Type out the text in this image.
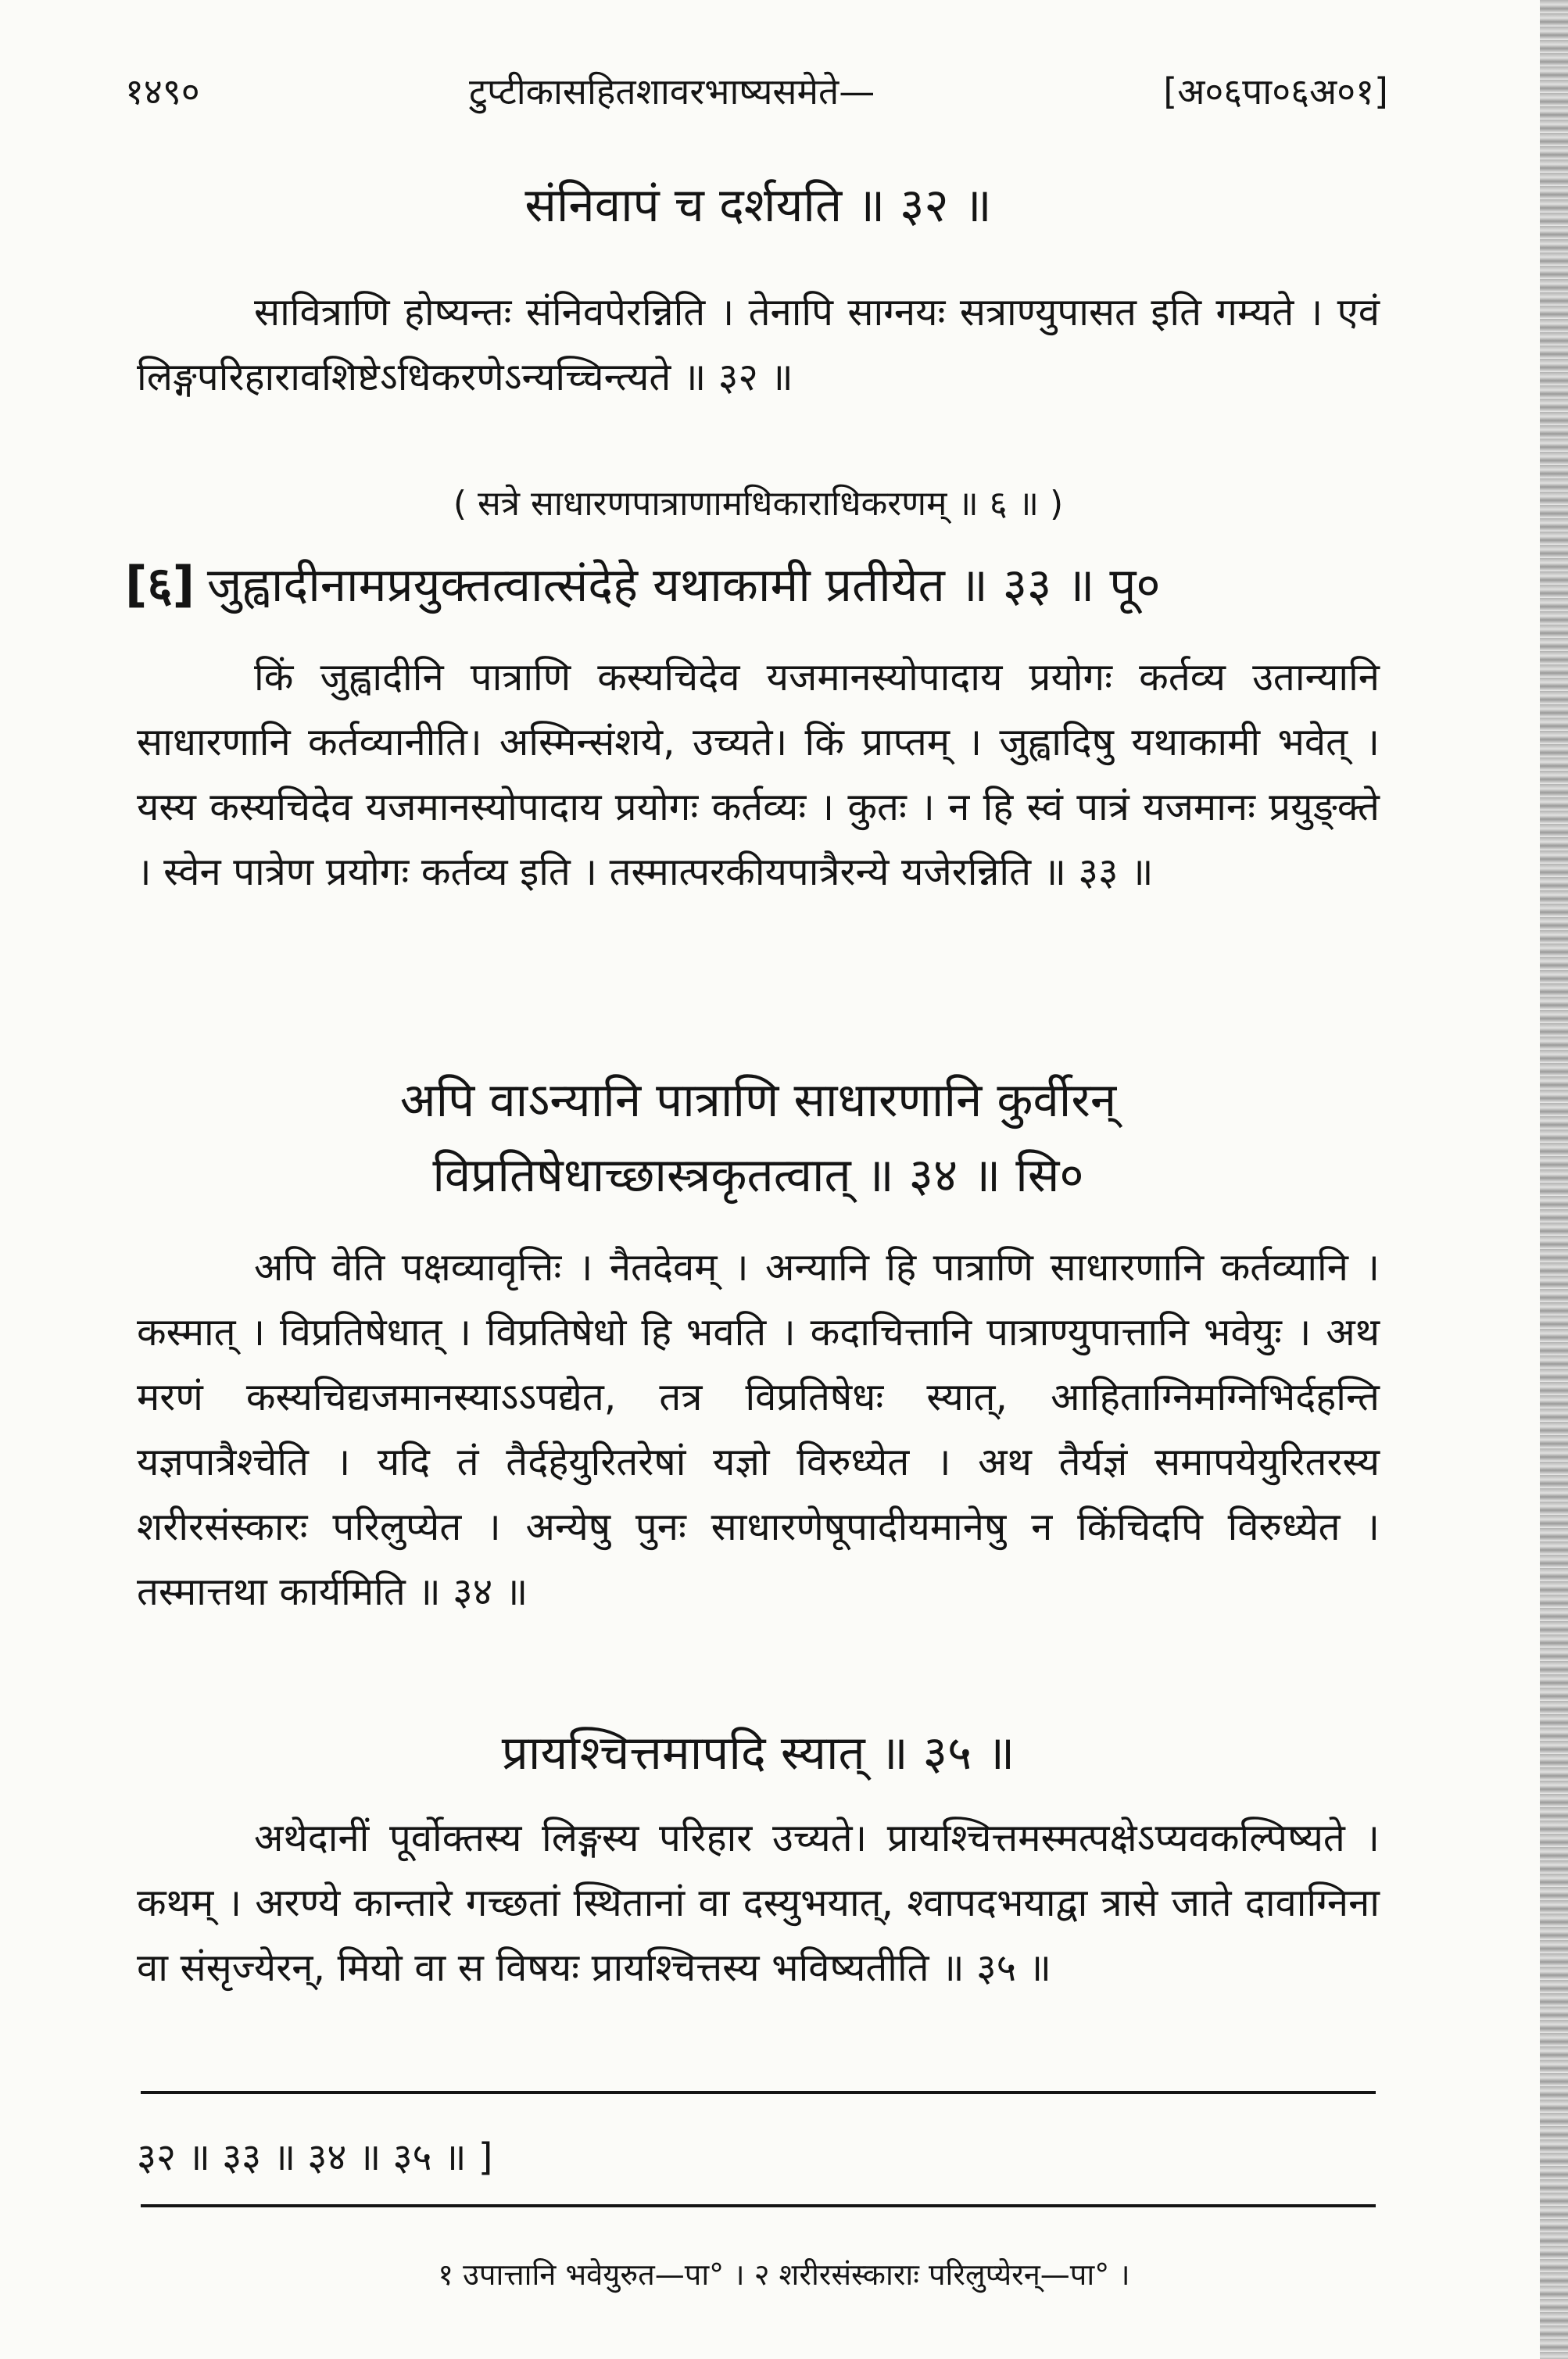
१४९०	टुप्टीकासहितशावरभाष्यसमेते—	[अ०६पा०६अ०१]
संनिवापं च दर्शयति ॥ ३२ ॥
सावित्राणि होष्यन्तः संनिवपेरन्निति । तेनापि साग्नयः सत्राण्युपासत इति गम्यते । एवं लिङ्गपरिहारावशिष्टेऽधिकरणेऽन्यच्चिन्त्यते ॥ ३२ ॥
( सत्रे साधारणपात्राणामधिकाराधिकरणम् ॥ ६ ॥ )
[६] जुह्वादीनामप्रयुक्तत्वात्संदेहे यथाकामी प्रतीयेत ॥ ३३ ॥ पू०
किं जुह्वादीनि पात्राणि कस्यचिदेव यजमानस्योपादाय प्रयोगः कर्तव्य उतान्यानि साधारणानि कर्तव्यानीति। अस्मिन्संशये, उच्यते। किं प्राप्तम् । जुह्वादिषु यथाकामी भवेत् । यस्य कस्यचिदेव यजमानस्योपादाय प्रयोगः कर्तव्यः । कुतः । न हि स्वं पात्रं यजमानः प्रयुङ्क्ते । स्वेन पात्रेण प्रयोगः कर्तव्य इति । तस्मात्परकीयपात्रैरन्ये यजेरन्निति ॥ ३३ ॥
अपि वाऽन्यानि पात्राणि साधारणानि कुर्वीरन्
विप्रतिषेधाच्छास्त्रकृतत्वात् ॥ ३४ ॥ सि०
अपि वेति पक्षव्यावृत्तिः । नैतदेवम् । अन्यानि हि पात्राणि साधारणानि कर्तव्यानि । कस्मात् । विप्रतिषेधात् । विप्रतिषेधो हि भवति । कदाचित्तानि पात्राण्युपात्तानि भवेयुः । अथ मरणं कस्यचिद्यजमानस्याऽऽपद्येत, तत्र विप्रतिषेधः स्यात्, आहिताग्निमग्निभिर्दहन्ति यज्ञपात्रैश्चेति । यदि तं तैर्दहेयुरितरेषां यज्ञो विरुध्येत । अथ तैर्यज्ञं समापयेयुरितरस्य शरीरसंस्कारः परिलुप्येत । अन्येषु पुनः साधारणेषूपादीयमानेषु न किंचिदपि विरुध्येत । तस्मात्तथा कार्यमिति ॥ ३४ ॥
प्रायश्चित्तमापदि स्यात् ॥ ३५ ॥
अथेदानीं पूर्वोक्तस्य लिङ्गस्य परिहार उच्यते। प्रायश्चित्तमस्मत्पक्षेऽप्यवकल्पिष्यते । कथम् । अरण्ये कान्तारे गच्छतां स्थितानां वा दस्युभयात्, श्वापदभयाद्वा त्रासे जाते दावाग्निना वा संसृज्येरन्, मियो वा स विषयः प्रायश्चित्तस्य भविष्यतीति ॥ ३५ ॥
३२ ॥ ३३ ॥ ३४ ॥ ३५ ॥ ]
१ उपात्तानि भवेयुरुत—पा° । २ शरीरसंस्काराः परिलुप्येरन्—पा° ।
